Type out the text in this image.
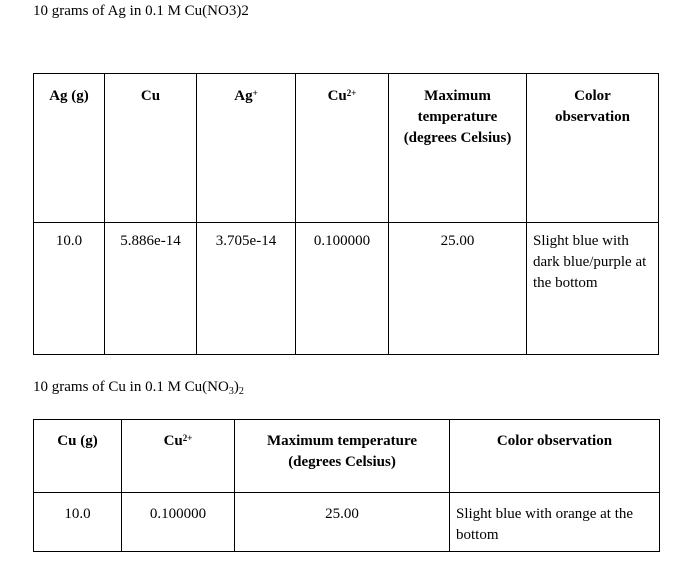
10 grams of Ag in 0.1 M Cu(NO3)2
Ag (g)	Cu	Ag+	$Cu^{2+}$	Maximum temperature (degrees Celsius)	Color observation
10.0	5.886e-14	3.705e-14	0.100000	25.00	Slight blue with dark blue/purple at the bottom
10 grams of Cu in 0.1 M Cu(NO3)2
Cu (g)	$Cu^{2+}$	Maximum temperature (degrees Celsius)	Color observation
10.0	0.100000	25.00	Slight blue with orange at the bottom
